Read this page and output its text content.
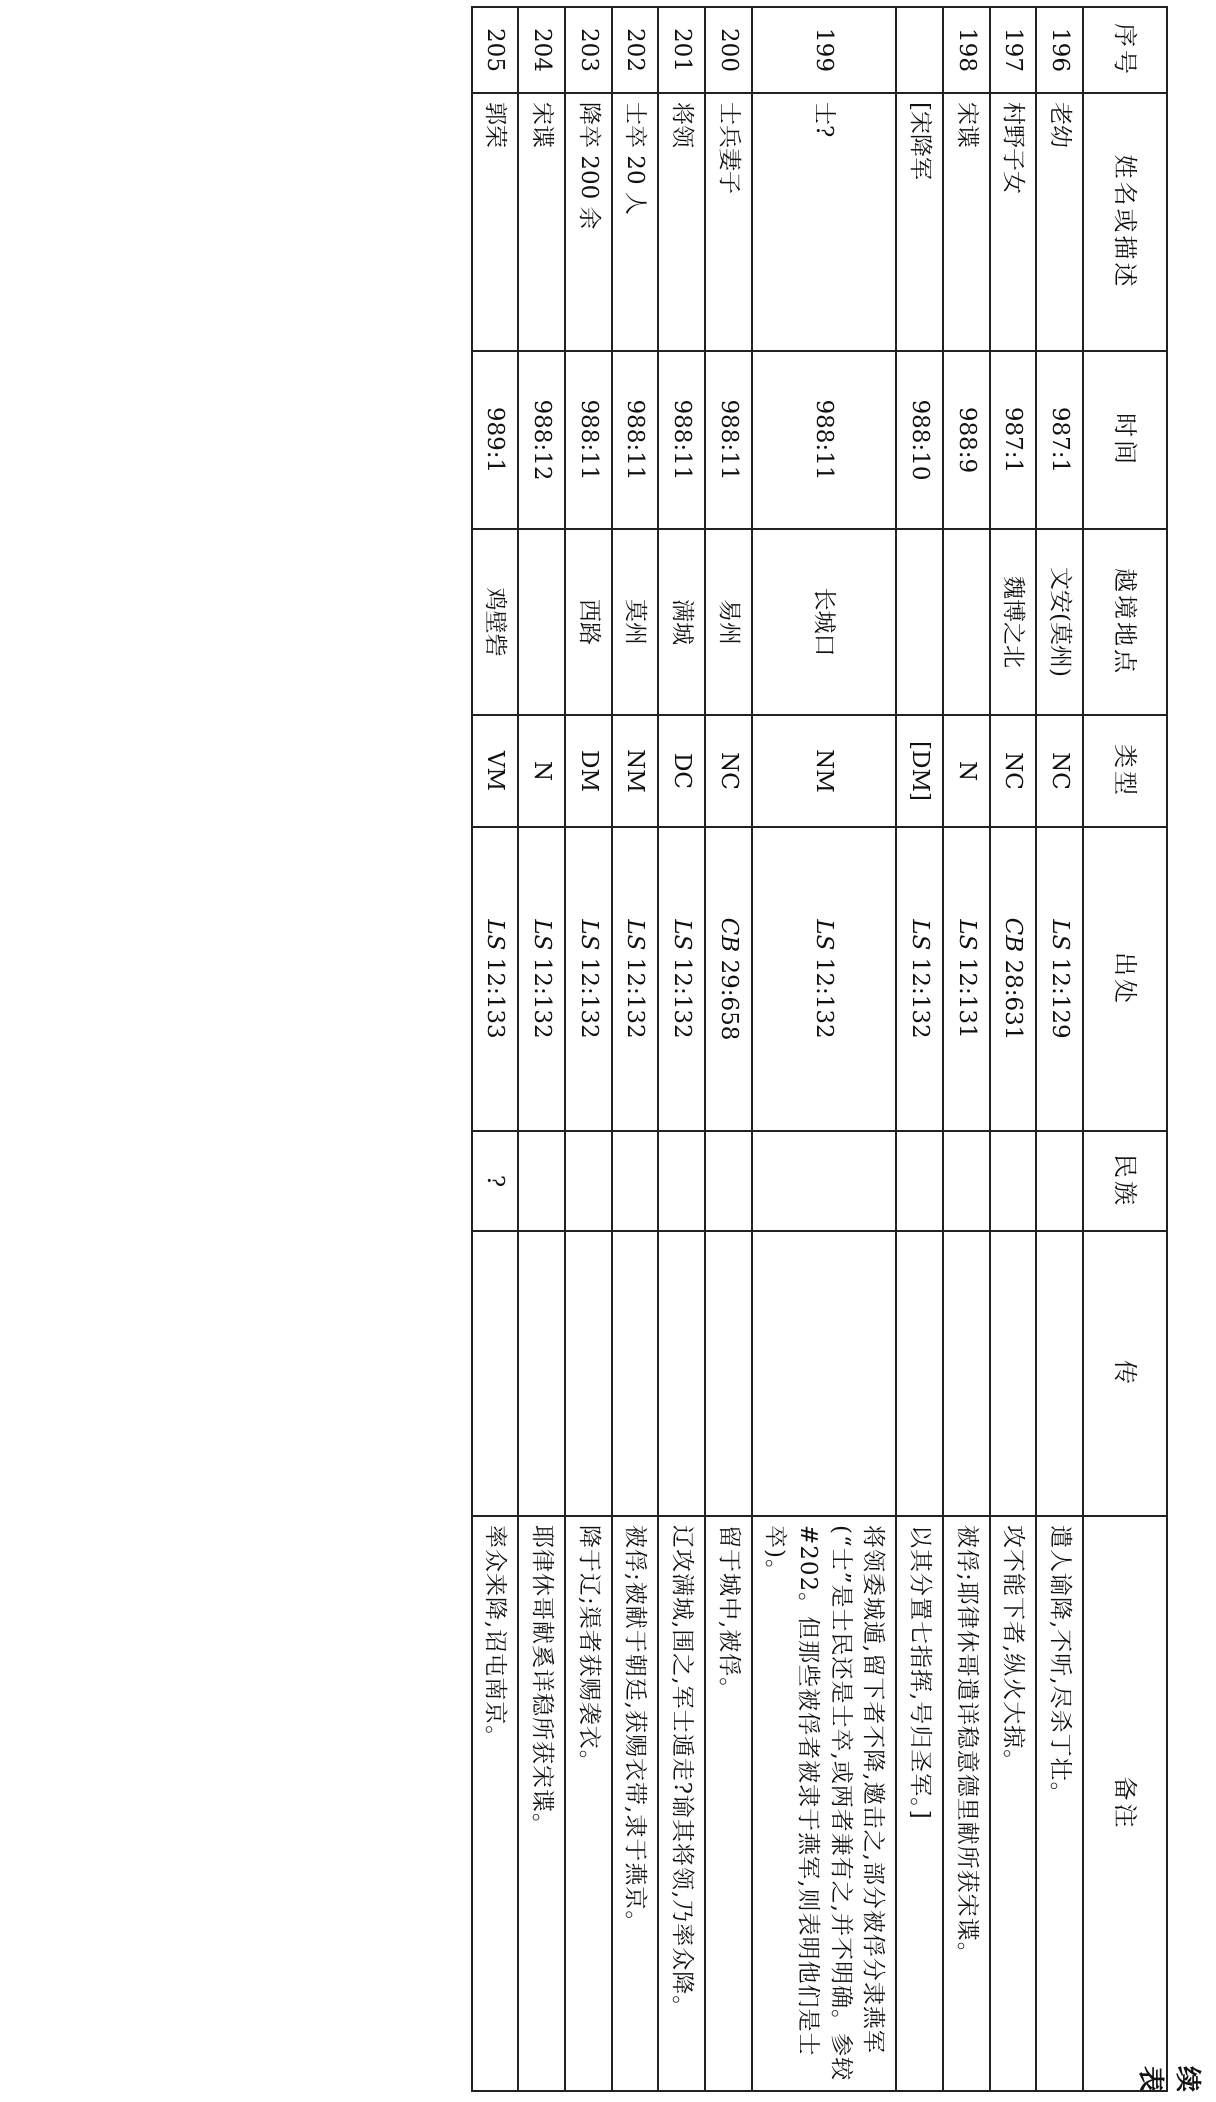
续　表
序号	姓名或描述	时间	越境地点	类型	出处	民族	传	备注
196	老幼	987:1	文安(莫州)	NC	LS 12:129			遣人谕降,不听,尽杀丁壮。
197	村野子女	987:1	魏博之北	NC	CB 28:631			攻不能下者,纵火大掠。
198	宋谍	988:9		N	LS 12:131			被俘;耶律休哥遣详稳意德里献所获宋谍。
	[宋降军	988:10		[DM]	LS 12:132			以其分置七指挥,号归圣军。]
199	士?	988:11	长城口	NM	LS 12:132			将领委城遁,留下者不降,邀击之,部分被俘分隶燕军(“士”是士民还是士卒,或两者兼有之,并不明确。参较#202。但那些被俘者被隶于燕军,则表明他们是士卒)。
200	士兵妻子	988:11	易州	NC	CB 29:658			留于城中,被俘。
201	将领	988:11	满城	DC	LS 12:132			辽攻满城,围之,军士遁走?谕其将领,乃率众降。
202	士卒 20 人	988:11	莫州	NM	LS 12:132			被俘;被献于朝廷,获赐衣带,隶于燕京。
203	降卒 200 余	988:11	西路	DM	LS 12:132			降于辽;渠者获赐袭衣。
204	宋谍	988:12		N	LS 12:132			耶律休哥献奚详稳所获宋谍。
205	郭荣	989:1	鸡壁砦	VM	LS 12:133	?		率众来降,诏屯南京。
